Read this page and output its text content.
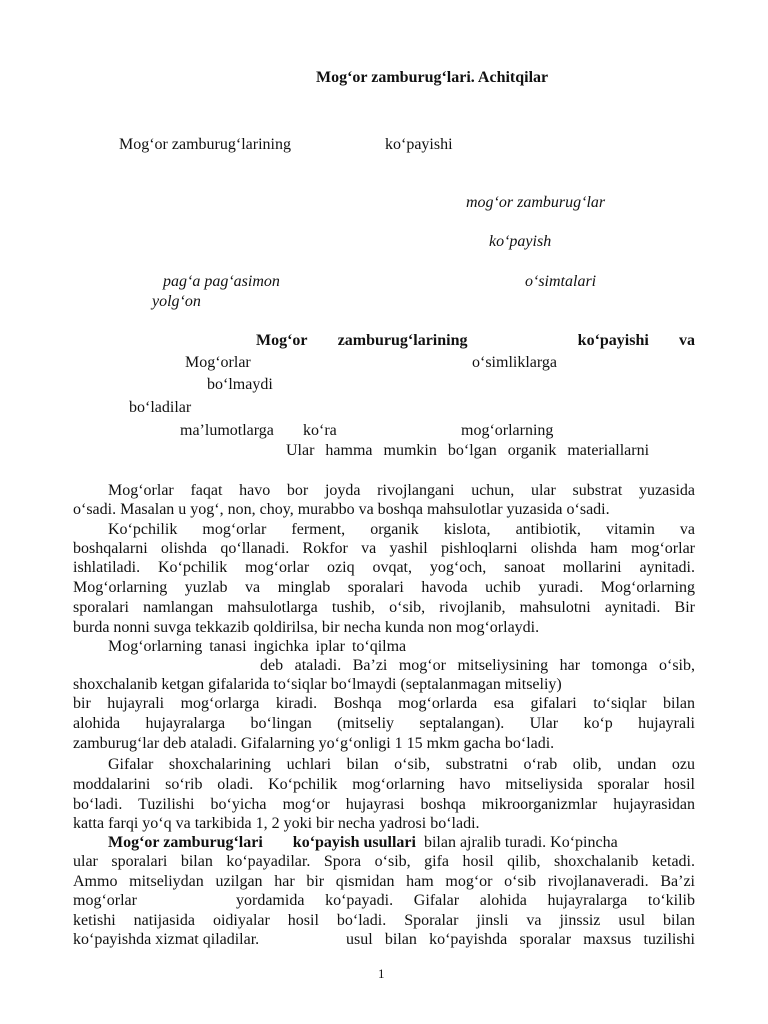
Mog‘or zamburug‘lari. Achitqilar
Mog‘or zamburug‘larining	ko‘payishi
mog‘or zamburug‘lar
ko‘payish
pag‘a pag‘asimon	o‘simtalari
yolg‘on
Mog‘or zamburug‘larining	ko‘payishi va
Mog‘orlar	o‘simliklarga
bo‘lmaydi
bo‘ladilar
ma’lumotlarga ko‘ra	mog‘orlarning
Ular hamma mumkin bo‘lgan organik materiallarni
Mog‘orlar faqat havo bor joyda rivojlangani uchun, ular substrat yuzasida
o‘sadi. Masalan u yog‘, non, choy, murabbo va boshqa mahsulotlar yuzasida o‘sadi.
Ko‘pchilik mog‘orlar ferment, organik kislota, antibiotik, vitamin va
boshqalarni olishda qo‘llanadi. Rokfor va yashil pishloqlarni olishda ham mog‘orlar
ishlatiladi. Ko‘pchilik mog‘orlar oziq ovqat, yog‘och, sanoat mollarini aynitadi.
Mog‘orlarning yuzlab va minglab sporalari havoda uchib yuradi. Mog‘orlarning
sporalari namlangan mahsulotlarga tushib, o‘sib, rivojlanib, mahsulotni aynitadi. Bir
burda nonni suvga tekkazib qoldirilsa, bir necha kunda non mog‘orlaydi.
Mog‘orlarning tanasi ingichka iplar to‘qilma
deb ataladi. Ba’zi mog‘or mitseliysining har tomonga o‘sib,
shoxchalanib ketgan gifalarida to‘siqlar bo‘lmaydi (septalanmagan mitseliy)
bir hujayrali mog‘orlarga kiradi. Boshqa mog‘orlarda esa gifalari to‘siqlar bilan
alohida hujayralarga bo‘lingan (mitseliy septalangan). Ular ko‘p hujayrali
zamburug‘lar deb ataladi. Gifalarning yo‘g‘onligi 1 15 mkm gacha bo‘ladi.
Gifalar shoxchalarining uchlari bilan o‘sib, substratni o‘rab olib, undan ozu
moddalarini so‘rib oladi. Ko‘pchilik mog‘orlarning havo mitseliysida sporalar hosil
bo‘ladi. Tuzilishi bo‘yicha mog‘or hujayrasi boshqa mikroorganizmlar hujayrasidan
katta farqi yo‘q va tarkibida 1, 2 yoki bir necha yadrosi bo‘ladi.
Mog‘or zamburug‘lari ko‘payish usullari bilan ajralib turadi. Ko‘pincha
ular sporalari bilan ko‘payadilar. Spora o‘sib, gifa hosil qilib, shoxchalanib ketadi.
Ammo mitseliydan uzilgan har bir qismidan ham mog‘or o‘sib rivojlanaveradi. Ba’zi
mog‘orlar	yordamida ko‘payadi. Gifalar alohida hujayralarga to‘kilib
ketishi natijasida oidiyalar hosil bo‘ladi. Sporalar jinsli va jinssiz usul bilan
ko‘payishda xizmat qiladilar.	usul bilan ko‘payishda sporalar maxsus tuzilishi
1
